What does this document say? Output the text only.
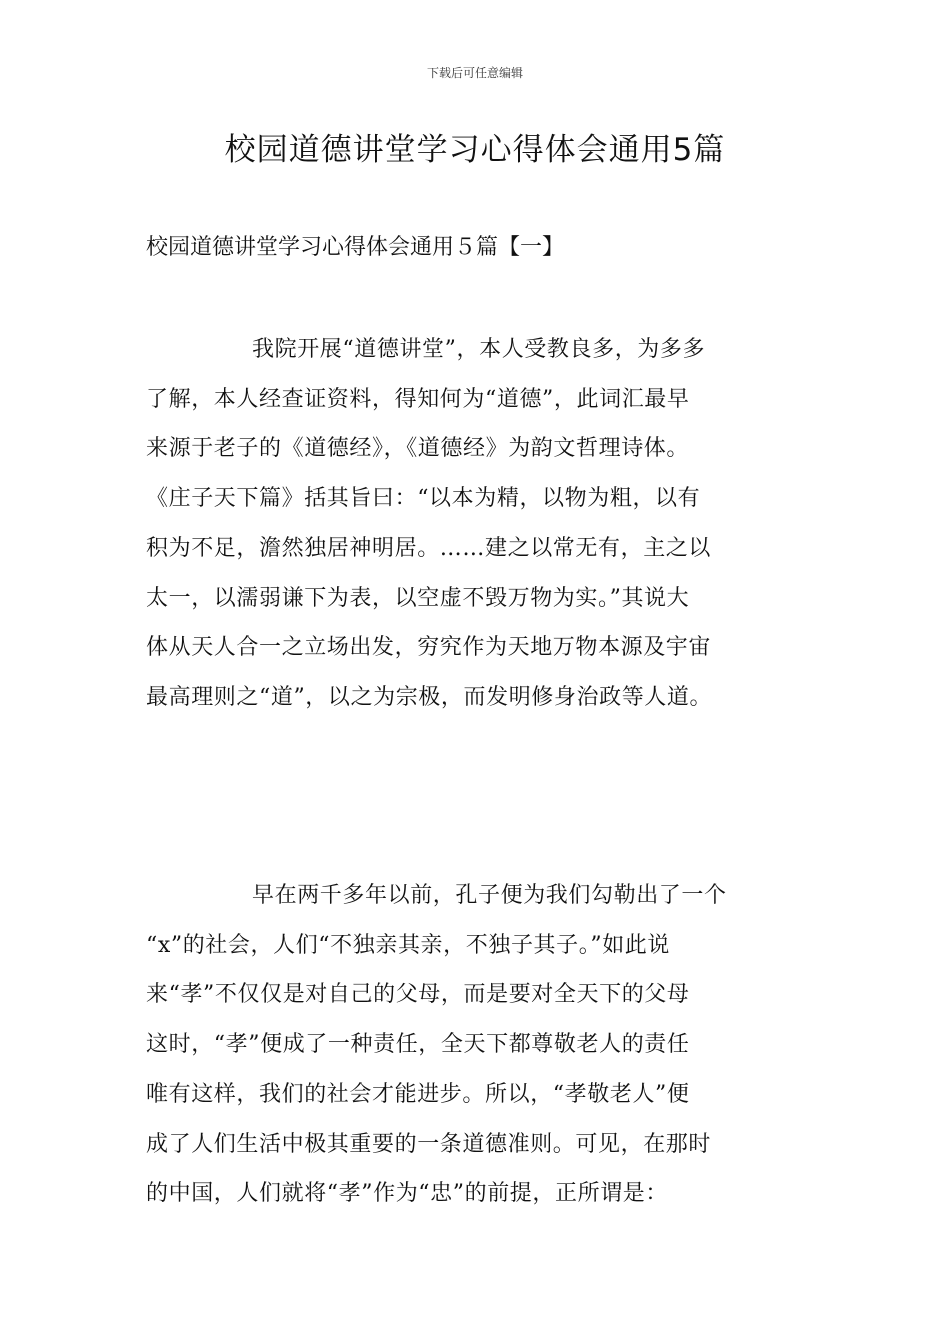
下载后可任意编辑
校园道德讲堂学习心得体会通用5篇
校园道德讲堂学习心得体会通用５篇【一】
我院开展“道德讲堂”，本人受教良多，为多多
了解，本人经查证资料，得知何为“道德”，此词汇最早
来源于老子的《道德经》，《道德经》为韵文哲理诗体。
《庄子天下篇》括其旨曰：“以本为精，以物为粗，以有
积为不足，澹然独居神明居。……建之以常无有，主之以
太一，以濡弱谦下为表，以空虚不毁万物为实。”其说大
体从天人合一之立场出发，穷究作为天地万物本源及宇宙
最高理则之“道”，以之为宗极，而发明修身治政等人道。
早在两千多年以前，孔子便为我们勾勒出了一个
“x”的社会，人们“不独亲其亲，不独子其子。”如此说
来“孝”不仅仅是对自己的父母，而是要对全天下的父母
这时，“孝”便成了一种责任，全天下都尊敬老人的责任
唯有这样，我们的社会才能进步。所以，“孝敬老人”便
成了人们生活中极其重要的一条道德准则。可见，在那时
的中国，人们就将“孝”作为“忠”的前提，正所谓是：
